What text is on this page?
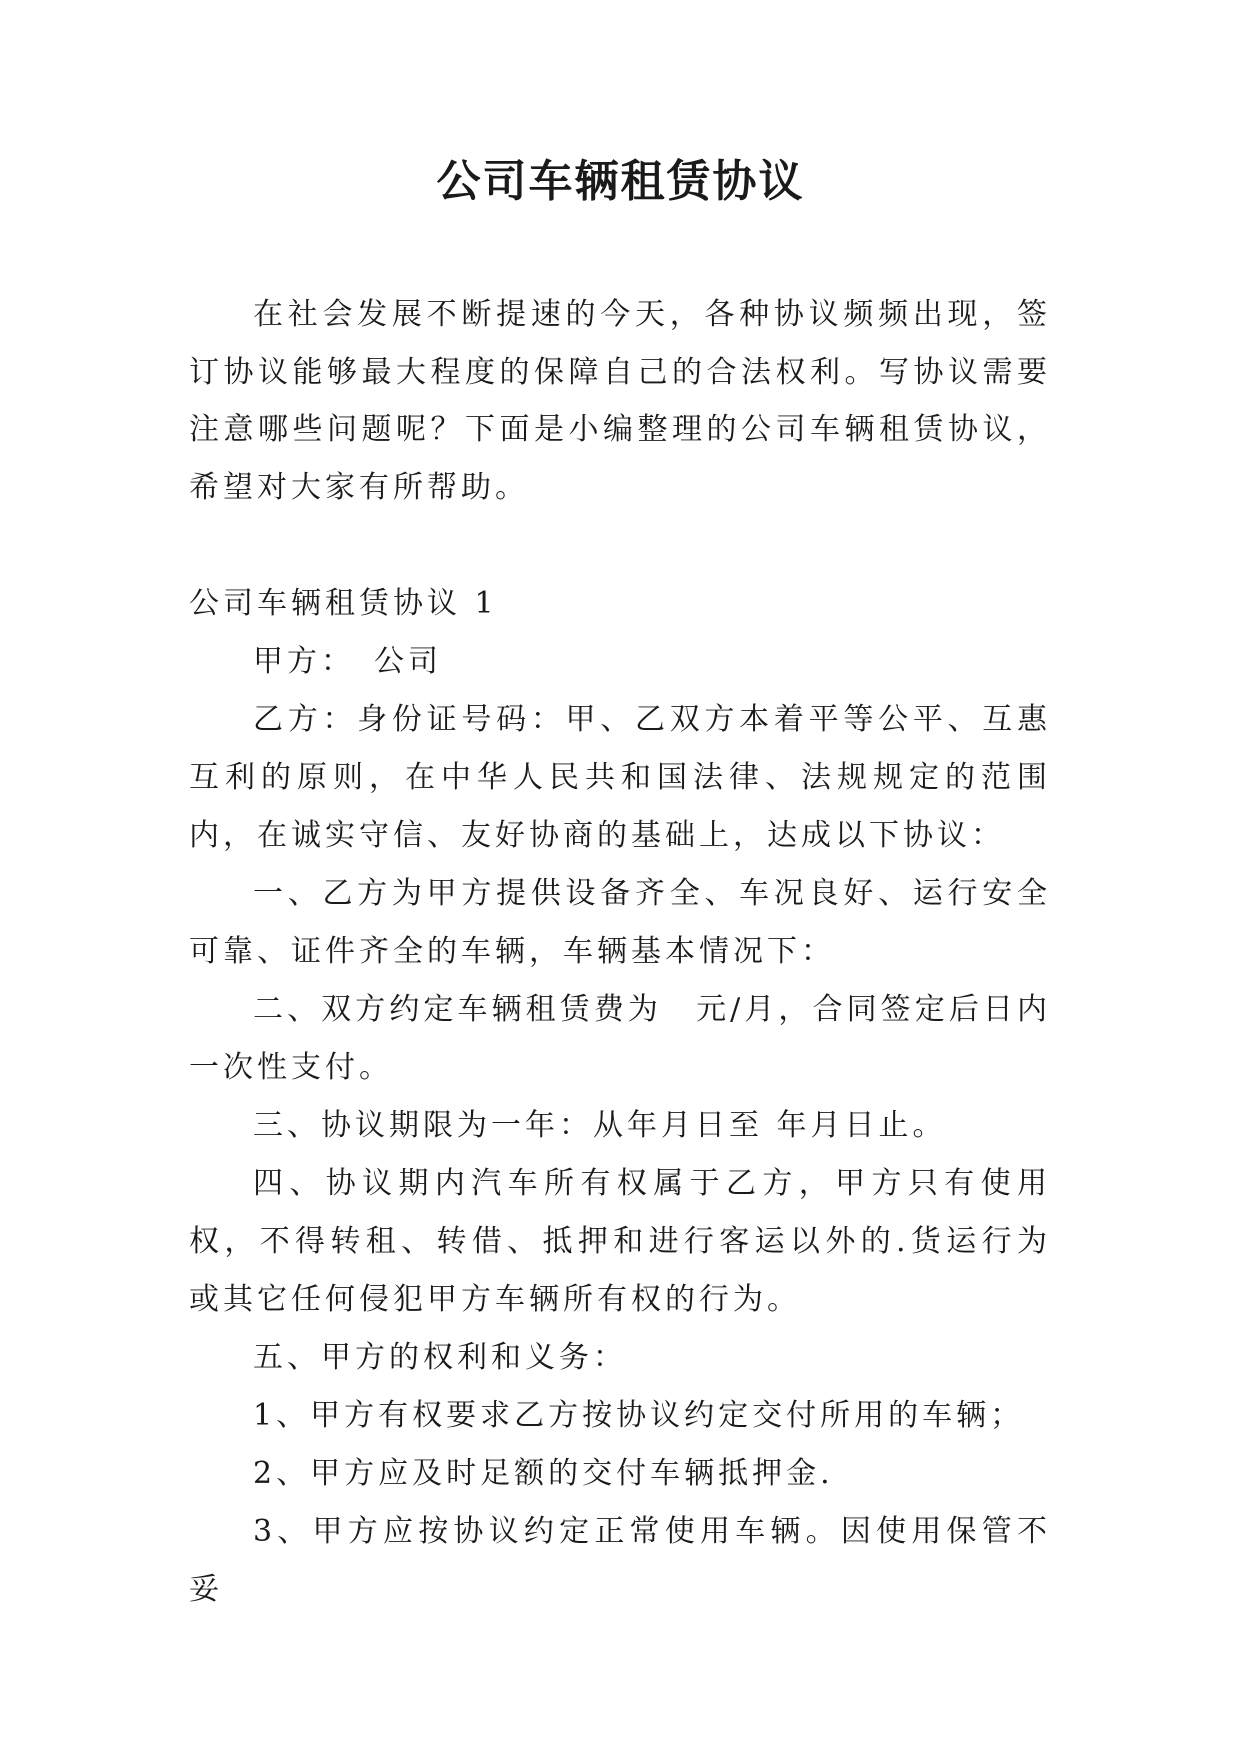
公司车辆租赁协议
在社会发展不断提速的今天，各种协议频频出现，签订协议能够最大程度的保障自己的合法权利。写协议需要注意哪些问题呢？下面是小编整理的公司车辆租赁协议，希望对大家有所帮助。

公司车辆租赁协议 1

甲方：　公司

乙方：身份证号码：甲、乙双方本着平等公平、互惠互利的原则，在中华人民共和国法律、法规规定的范围内，在诚实守信、友好协商的基础上，达成以下协议：

一、乙方为甲方提供设备齐全、车况良好、运行安全可靠、证件齐全的车辆，车辆基本情况下：

二、双方约定车辆租赁费为　元/月，合同签定后日内一次性支付。

三、协议期限为一年：从年月日至 年月日止。

四、协议期内汽车所有权属于乙方，甲方只有使用权，不得转租、转借、抵押和进行客运以外的.货运行为或其它任何侵犯甲方车辆所有权的行为。

五、甲方的权利和义务：

1、甲方有权要求乙方按协议约定交付所用的车辆；

2、甲方应及时足额的交付车辆抵押金.

3、甲方应按协议约定正常使用车辆。因使用保管不妥
